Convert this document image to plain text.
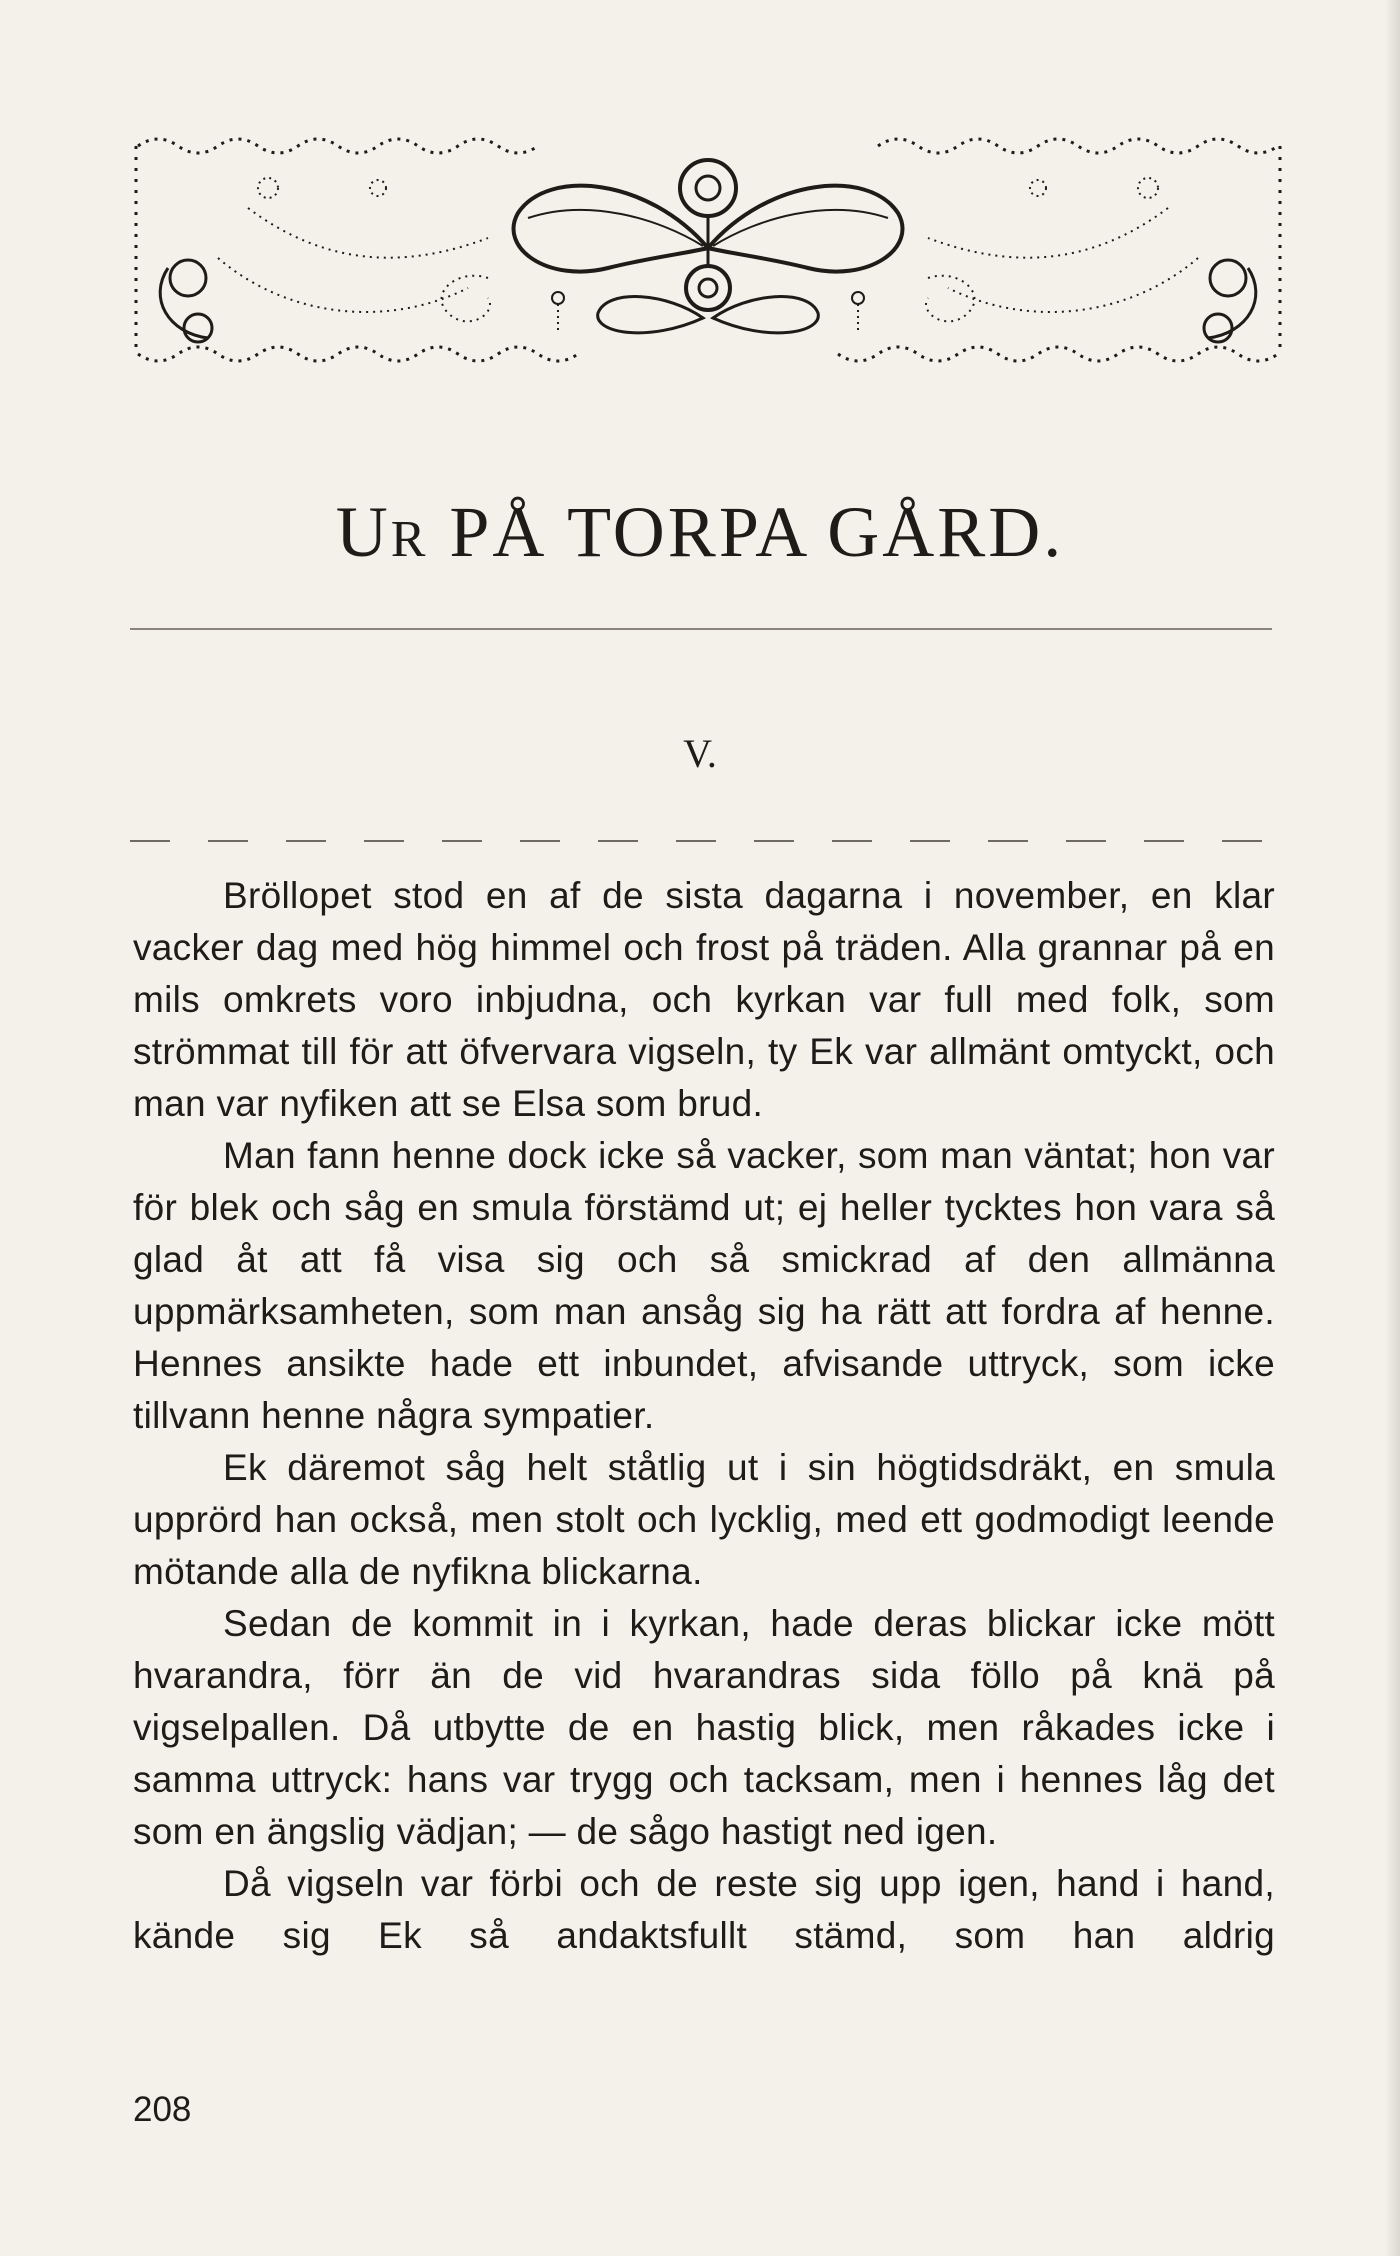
UR PÅ TORPA GÅRD.
V.

Bröllopet stod en af de sista dagarna i november, en klar vacker dag med hög himmel och frost på träden. Alla grannar på en mils omkrets voro inbjudna, och kyrkan var full med folk, som strömmat till för att öfvervara vigseln, ty Ek var allmänt omtyckt, och man var nyfiken att se Elsa som brud.

Man fann henne dock icke så vacker, som man väntat; hon var för blek och såg en smula förstämd ut; ej heller tycktes hon vara så glad åt att få visa sig och så smickrad af den allmänna uppmärksamheten, som man ansåg sig ha rätt att fordra af henne. Hennes ansikte hade ett inbundet, afvisande uttryck, som icke tillvann henne några sympatier.

Ek däremot såg helt ståtlig ut i sin högtidsdräkt, en smula upprörd han också, men stolt och lycklig, med ett godmodigt leende mötande alla de nyfikna blickarna.

Sedan de kommit in i kyrkan, hade deras blickar icke mött hvarandra, förr än de vid hvarandras sida föllo på knä på vigselpallen. Då utbytte de en hastig blick, men råkades icke i samma uttryck: hans var trygg och tacksam, men i hennes låg det som en ängslig vädjan; — de sågo hastigt ned igen.

Då vigseln var förbi och de reste sig upp igen, hand i hand, kände sig Ek så andaktsfullt stämd, som han aldrig

208
